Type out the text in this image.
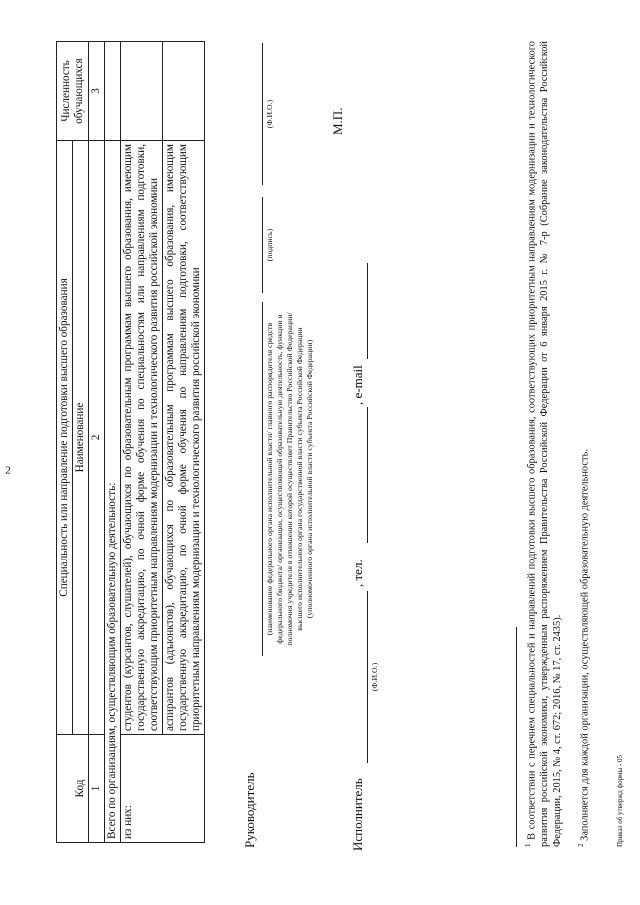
2
Код	Специальность или направление подготовки высшего образования	Численность обучающихся
	Наименование	
1	2	3
Всего по организациям, осуществляющим образовательную деятельность:		
из них:	студентов (курсантов, слушателей), обучающихся по образовательным программам высшего образования, имеющим государственную аккредитацию, по очной форме обучения по специальностям или направлениям подготовки, соответствующим приоритетным направлениям модернизации и технологического развития российской экономики	
	аспирантов (адъюнктов), обучающихся по образовательным программам высшего образования, имеющим государственную аккредитацию, по очной форме обучения по направлениям подготовки, соответствующим приоритетным направлениям модернизации и технологического развития российской экономики	
Руководитель
(наименование федерального органа исполнительной власти/ главного распорядителя средств федерального бюджета/ организации, осуществляющей образовательную деятельность, функции и полномочия учредителя в отношении которой осуществляет Правительство Российской Федерации/ высшего исполнительного органа государственной власти субъекта Российской Федерации (уполномоченного органа исполнительной власти субъекта Российской Федерации)
(подпись)
(Ф.И.О.)	М.П.
Исполнитель
(Ф.И.О.)
, тел.
, e-mail
$^1$ В соответствии с перечнем специальностей и направлений подготовки высшего образования, соответствующих приоритетным направлениям модернизации и технологического развития российской экономики, утвержденным распоряжением Правительства Российской Федерации от 6 января 2015 г. № 7-р (Собрание законодательства Российской Федерации, 2015, № 4, ст. 672; 2016, № 17, ст. 2435). $^2$ Заполняется для каждой организации, осуществляющей образовательную деятельность.	Приказ об утвержд формы - 05
